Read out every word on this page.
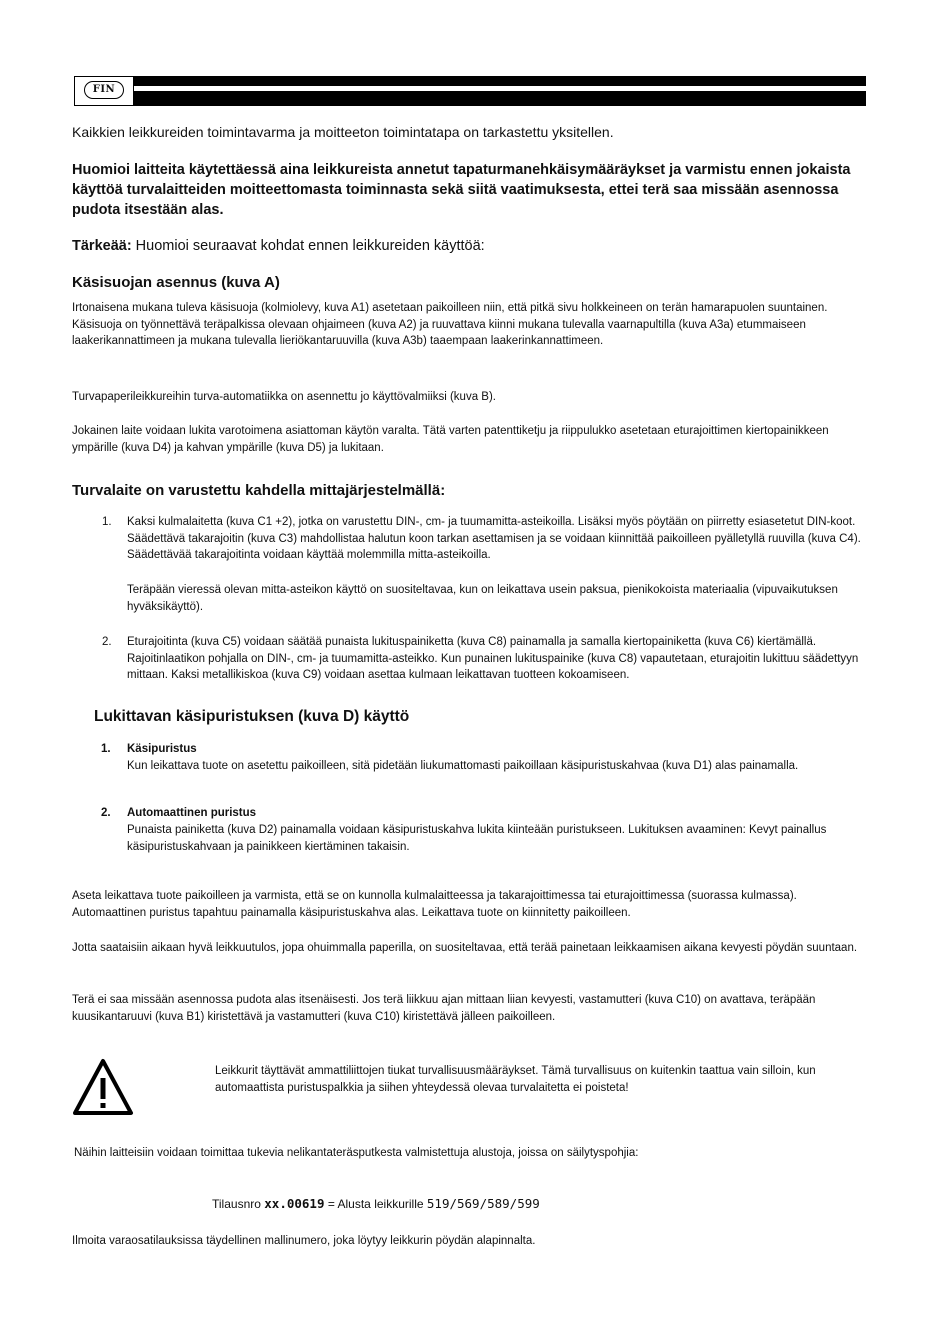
FIN
Kaikkien leikkureiden toimintavarma ja moitteeton toimintatapa on tarkastettu yksitellen.
Huomioi laitteita käytettäessä aina leikkureista annetut tapaturmanehkäisymääräykset ja varmistu ennen jokaista käyttöä turvalaitteiden moitteettomasta toiminnasta sekä siitä vaatimuksesta, ettei terä saa missään asennossa pudota itsestään alas.
Tärkeää: Huomioi seuraavat kohdat ennen leikkureiden käyttöä:
Käsisuojan asennus (kuva A)
Irtonaisena mukana tuleva käsisuoja (kolmiolevy, kuva A1) asetetaan paikoilleen niin, että pitkä sivu holkkeineen on terän hamarapuolen suuntainen. Käsisuoja on työnnettävä teräpalkissa olevaan ohjaimeen (kuva A2) ja ruuvattava kiinni mukana tulevalla vaarnapultilla (kuva A3a) etummaiseen laakerikannattimeen ja mukana tulevalla lieriökantaruuvilla (kuva A3b) taaempaan laakerinkannattimeen.
Turvapaperileikkureihin turva-automatiikka on asennettu jo käyttövalmiiksi (kuva B).
Jokainen laite voidaan lukita varotoimena asiattoman käytön varalta. Tätä varten patenttiketju ja riippulukko asetetaan eturajoittimen kiertopainikkeen ympärille (kuva D4) ja kahvan ympärille (kuva D5) ja lukitaan.
Turvalaite on varustettu kahdella mittajärjestelmällä:
1. Kaksi kulmalaitetta (kuva C1 +2), jotka on varustettu DIN-, cm- ja tuumamitta-asteikoilla. Lisäksi myös pöytään on piirretty esiasetetut DIN-koot. Säädettävä takarajoitin (kuva C3) mahdollistaa halutun koon tarkan asettamisen ja se voidaan kiinnittää paikoilleen pyälletyllä ruuvilla (kuva C4). Säädettävää takarajoitinta voidaan käyttää molemmilla mitta-asteikoilla.
Teräpään vieressä olevan mitta-asteikon käyttö on suositeltavaa, kun on leikattava usein paksua, pienikokoista materiaalia (vipuvaikutuksen hyväksikäyttö).
2. Eturajoitinta (kuva C5) voidaan säätää punaista lukituspainiketta (kuva C8) painamalla ja samalla kiertopainiketta (kuva C6) kiertämällä. Rajoitinlaatikon pohjalla on DIN-, cm- ja tuumamitta-asteikko. Kun punainen lukituspainike (kuva C8) vapautetaan, eturajoitin lukittuu säädettyyn mittaan. Kaksi metallikiskoa (kuva C9) voidaan asettaa kulmaan leikattavan tuotteen kokoamiseen.
Lukittavan käsipuristuksen (kuva D) käyttö
1. Käsipuristus
Kun leikattava tuote on asetettu paikoilleen, sitä pidetään liukumattomasti paikoillaan käsipuristuskahvaa (kuva D1) alas painamalla.
2. Automaattinen puristus
Punaista painiketta (kuva D2) painamalla voidaan käsipuristuskahva lukita kiinteään puristukseen. Lukituksen avaaminen: Kevyt painallus käsipuristuskahvaan ja painikkeen kiertäminen takaisin.
Aseta leikattava tuote paikoilleen ja varmista, että se on kunnolla kulmalaitteessa ja takarajoittimessa tai eturajoittimessa (suorassa kulmassa). Automaattinen puristus tapahtuu painamalla käsipuristuskahva alas. Leikattava tuote on kiinnitetty paikoilleen.
Jotta saataisiin aikaan hyvä leikkuutulos, jopa ohuimmalla paperilla, on suositeltavaa, että terää painetaan leikkaamisen aikana kevyesti pöydän suuntaan.
Terä ei saa missään asennossa pudota alas itsenäisesti. Jos terä liikkuu ajan mittaan liian kevyesti, vastamutteri (kuva C10) on avattava, teräpään kuusikantaruuvi (kuva B1) kiristettävä ja vastamutteri (kuva C10) kiristettävä jälleen paikoilleen.
Leikkurit täyttävät ammattiliittojen tiukat turvallisuusmääräykset. Tämä turvallisuus on kuitenkin taattua vain silloin, kun automaattista puristuspalkkia ja siihen yhteydessä olevaa turvalaitetta ei poisteta!
Näihin laitteisiin voidaan toimittaa tukevia nelikantateräsputkesta valmistettuja alustoja, joissa on säilytyspohjia:
Tilausnro xx.00619 = Alusta leikkurille 519/569/589/599
Ilmoita varaosatilauksissa täydellinen mallinumero, joka löytyy leikkurin pöydän alapinnalta.
